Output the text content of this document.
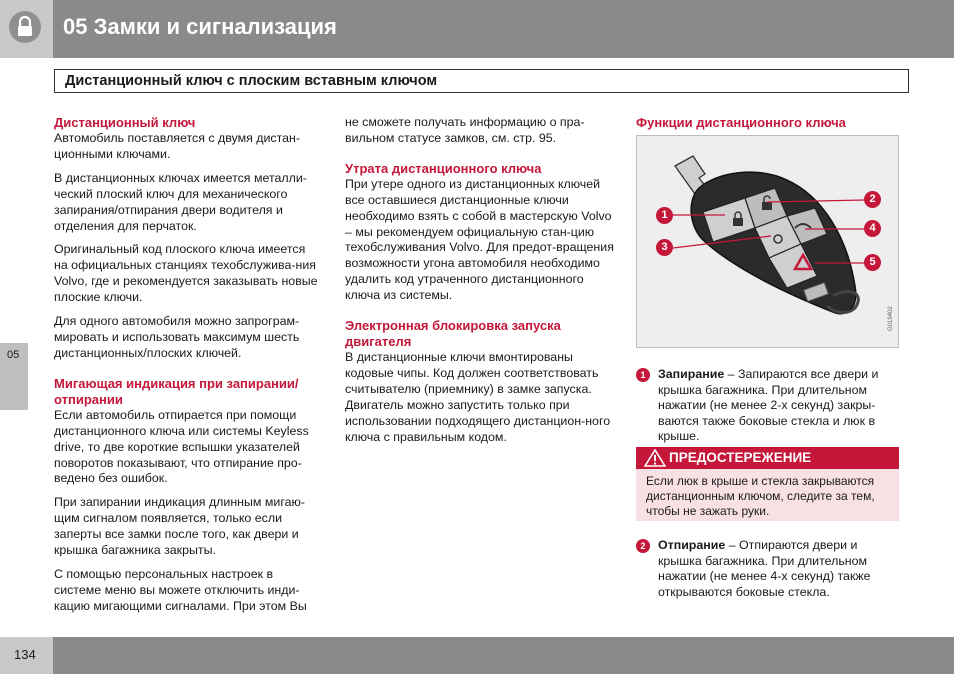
05 Замки и сигнализация
Дистанционный ключ с плоским вставным ключом
Дистанционный ключ

Автомобиль поставляется с двумя дистан-ционными ключами.

В дистанционных ключах имеется металли-ческий плоский ключ для механического запирания/отпирания двери водителя и отделения для перчаток.

Оригинальный код плоского ключа имеется на официальных станциях техобслужива-ния Volvo, где и рекомендуется заказывать новые плоские ключи.

Для одного автомобиля можно запрограм-мировать и использовать максимум шесть дистанционных/плоских ключей.

Мигающая индикация при запирании/отпирании

Если автомобиль отпирается при помощи дистанционного ключа или системы Keyless drive, то две короткие вспышки указателей поворотов показывают, что отпирание про-ведено без ошибок.

При запирании индикация длинным мигаю-щим сигналом появляется, только если заперты все замки после того, как двери и крышка багажника закрыты.

С помощью персональных настроек в системе меню вы можете отключить инди-кацию мигающими сигналами. При этом Вы

не сможете получать информацию о пра-вильном статусе замков, см. стр. 95.

Утрата дистанционного ключа

При утере одного из дистанционных ключей все оставшиеся дистанционные ключи необходимо взять с собой в мастерскую Volvo – мы рекомендуем официальную стан-цию техобслуживания Volvo. Для предот-вращения возможности угона автомобиля необходимо удалить код утраченного дистанционного ключа из системы.

Электронная блокировка запуска двигателя

В дистанционные ключи вмонтированы кодовые чипы. Код должен соответствовать считывателю (приемнику) в замке запуска. Двигатель можно запустить только при использовании подходящего дистанцион-ного ключа с правильным кодом.

Функции дистанционного ключа
1
2
3
4
5
G019402
1	Запирание – Запираются все двери и крышка багажника. При длительном нажатии (не менее 2-х секунд) закры-ваются также боковые стекла и люк в крыше.
ПРЕДОСТЕРЕЖЕНИЕ
Если люк в крыше и стекла закрываются дистанционным ключом, следите за тем, чтобы не зажать руки.
2	Отпирание – Отпираются двери и крышка багажника. При длительном нажатии (не менее 4-х секунд) также открываются боковые стекла.
05
134
